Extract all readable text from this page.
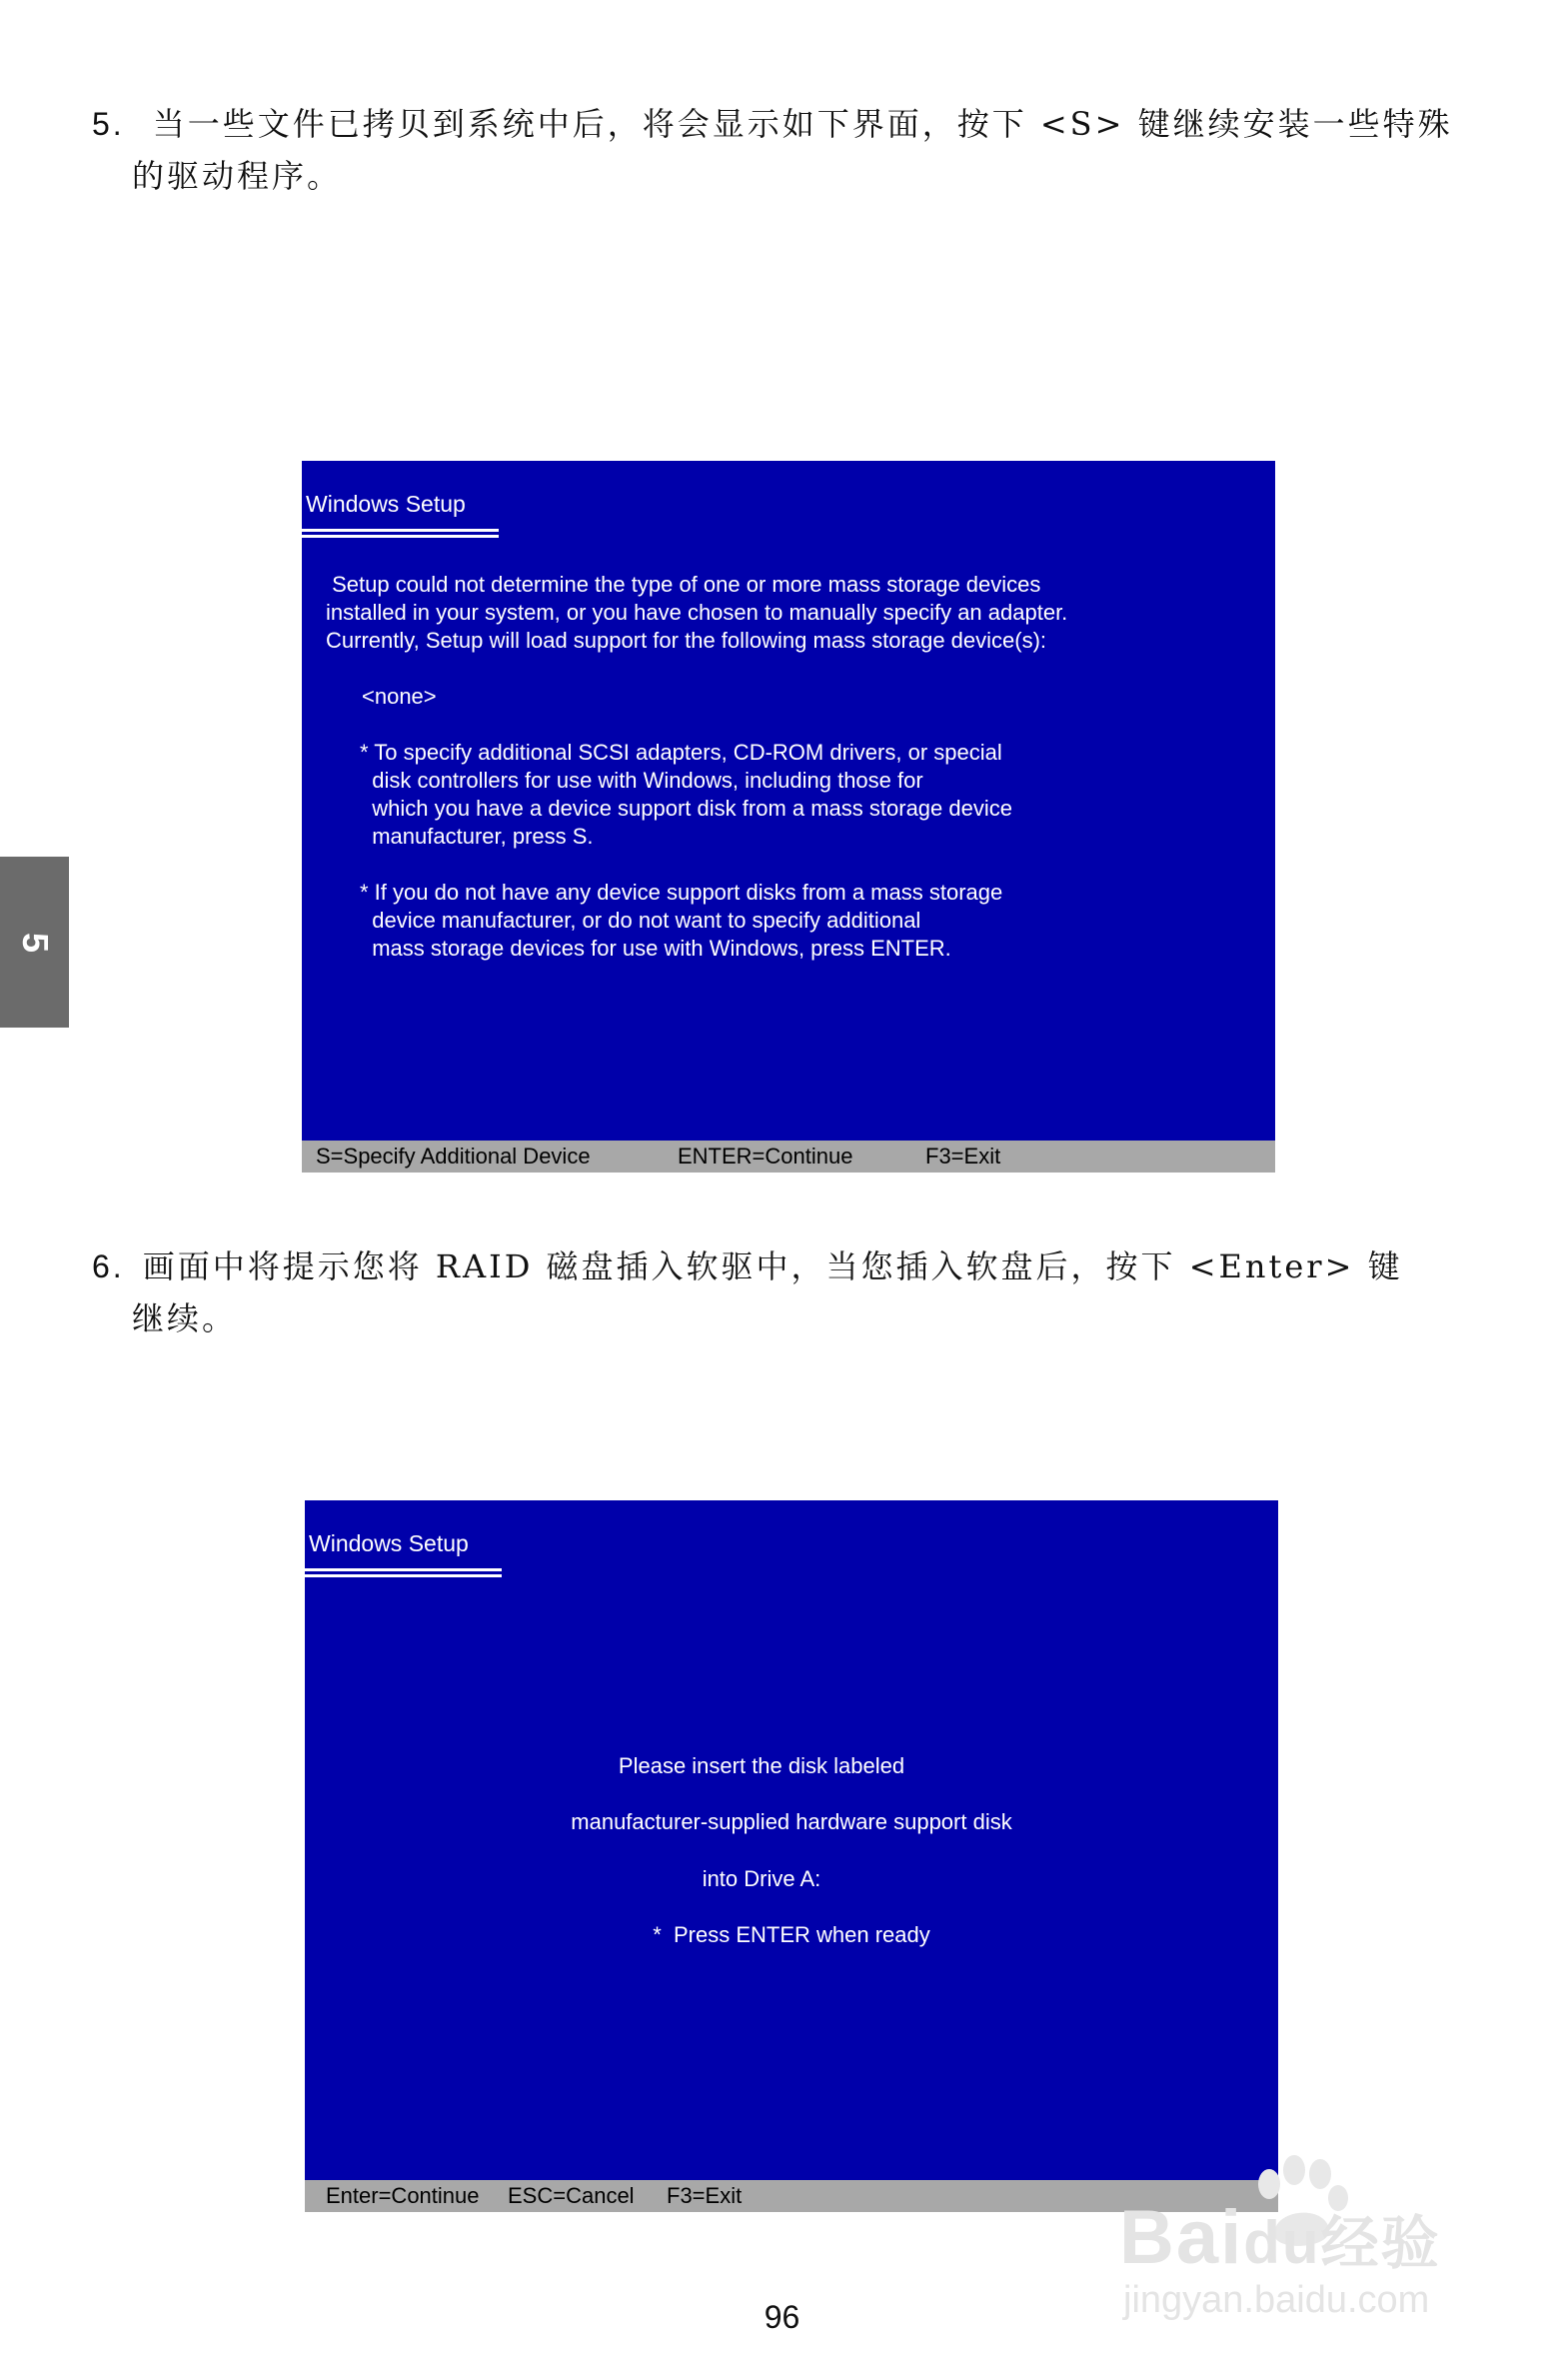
5. 当一些文件已拷贝到系统中后，将会显示如下界面，按下 <S> 键继续安装一些特殊
的驱动程序。
5
Windows Setup

Setup could not determine the type of one or more mass storage devices

installed in your system, or you have chosen to manually specify an adapter.

Currently, Setup will load support for the following mass storage device(s):

<none>

* To specify additional SCSI adapters, CD-ROM drivers, or special

disk controllers for use with Windows, including those for

which you have a device support disk from a mass storage device

manufacturer, press S.

* If you do not have any device support disks from a mass storage

device manufacturer, or do not want to specify additional

mass storage devices for use with Windows, press ENTER.

S=Specify Additional Device	ENTER=Continue	F3=Exit
6. 画面中将提示您将 RAID 磁盘插入软驱中，当您插入软盘后，按下 <Enter> 键
继续。
Windows Setup
Please insert the disk labeled
manufacturer-supplied hardware support disk
into Drive A:
*  Press ENTER when ready
Enter=Continue ESC=Cancel F3=Exit
96
Baidu经验
jingyan.baidu.com
